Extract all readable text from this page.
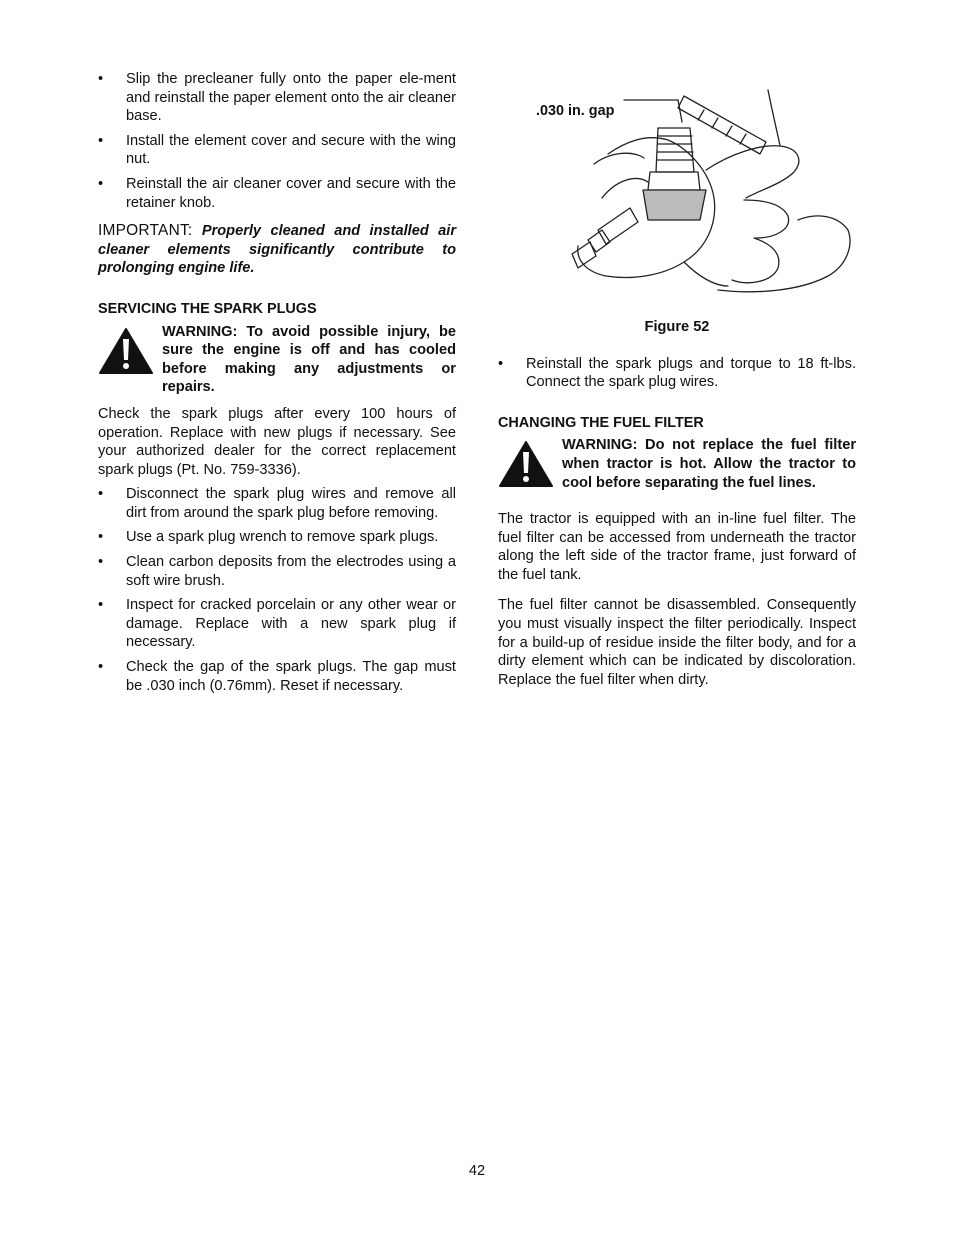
• Slip the precleaner fully onto the paper ele-ment and reinstall the paper element onto the air cleaner base.
• Install the element cover and secure with the wing nut.
• Reinstall the air cleaner cover and secure with the retainer knob.

IMPORTANT: Properly cleaned and installed air cleaner elements significantly contribute to prolonging engine life.

SERVICING THE SPARK PLUGS
WARNING: To avoid possible injury, be sure the engine is off and has cooled before making any adjustments or repairs.

Check the spark plugs after every 100 hours of operation. Replace with new plugs if necessary. See your authorized dealer for the correct replacement spark plugs (Pt. No. 759-3336).

• Disconnect the spark plug wires and remove all dirt from around the spark plug before removing.
• Use a spark plug wrench to remove spark plugs.
• Clean carbon deposits from the electrodes using a soft wire brush.
• Inspect for cracked porcelain or any other wear or damage. Replace with a new spark plug if necessary.
• Check the gap of the spark plugs. The gap must be .030 inch (0.76mm). Reset if necessary.
.030 in. gap
Figure 52
• Reinstall the spark plugs and torque to 18 ft-lbs. Connect the spark plug wires.
CHANGING THE FUEL FILTER
WARNING: Do not replace the fuel filter when tractor is hot. Allow the tractor to cool before separating the fuel lines.

The tractor is equipped with an in-line fuel filter. The fuel filter can be accessed from underneath the tractor along the left side of the tractor frame, just forward of the fuel tank.

The fuel filter cannot be disassembled. Consequently you must visually inspect the filter periodically. Inspect for a build-up of residue inside the filter body, and for a dirty element which can be indicated by discoloration. Replace the fuel filter when dirty.

42
